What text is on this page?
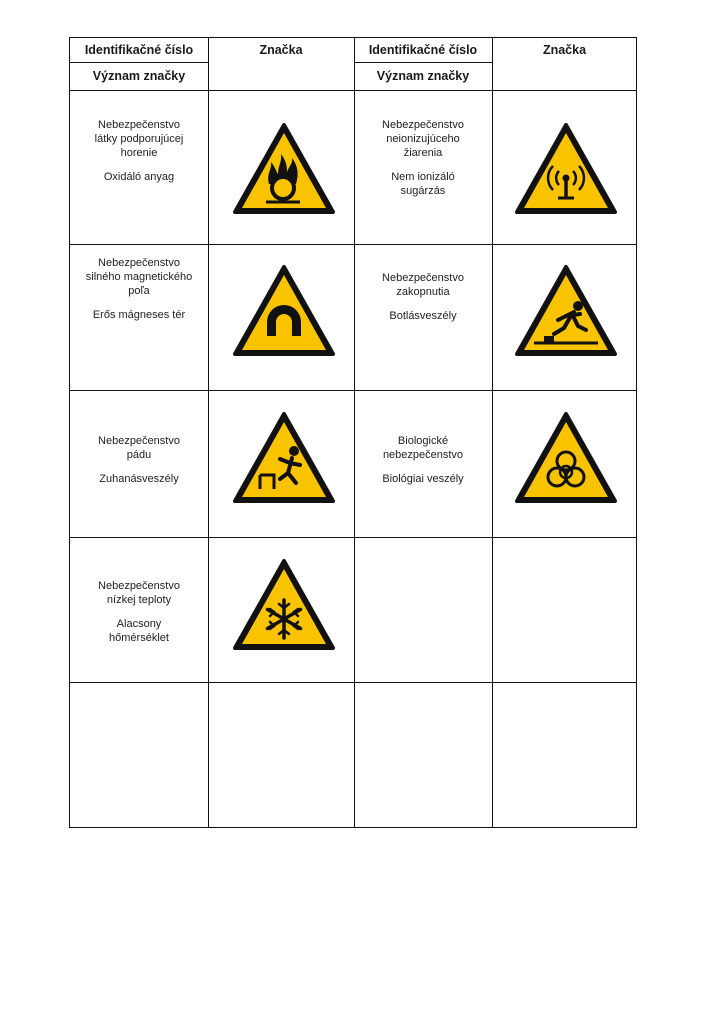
Identifikačné číslo
Význam značky
Značka	Identifikačné číslo
Význam značky
Značka
Nebezpečenstvo
látky podporujúcej
horenie
Oxidáló anyag
Nebezpečenstvo
neionizujúceho
žiarenia
Nem ionizáló
sugárzás
Nebezpečenstvo
silného magnetického
poľa
Erős mágneses tér
Nebezpečenstvo
zakopnutia
Botlásveszély
Nebezpečenstvo
pádu
Zuhanásveszély
Biologické
nebezpečenstvo
Biológiai veszély
Nebezpečenstvo
nízkej teploty
Alacsony
hőmérséklet
